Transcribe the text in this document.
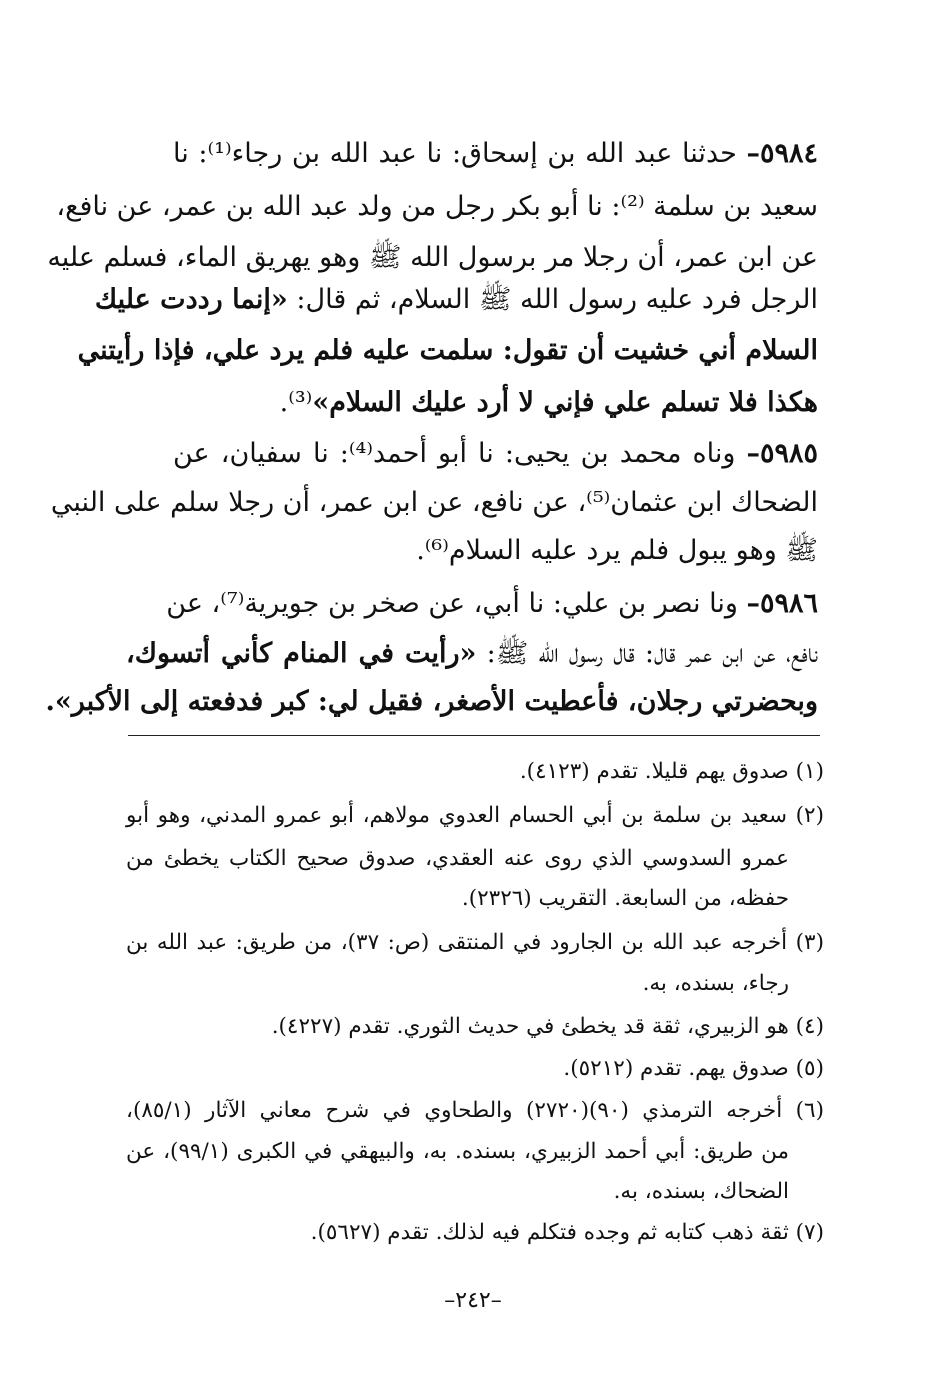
٥٩٨٤– حدثنا عبد الله بن إسحاق: نا عبد الله بن رجاء⁽¹⁾: نا
سعيد بن سلمة ⁽²⁾: نا أبو بكر رجل من ولد عبد الله بن عمر، عن نافع،
عن ابن عمر، أن رجلا مر برسول الله ﷺ وهو يهريق الماء، فسلم عليه
الرجل فرد عليه رسول الله ﷺ السلام، ثم قال: «إنما رددت عليك
السلام أني خشيت أن تقول: سلمت عليه فلم يرد علي، فإذا رأيتني
هكذا فلا تسلم علي فإني لا أرد عليك السلام»⁽³⁾.
٥٩٨٥– وناه محمد بن يحيى: نا أبو أحمد⁽⁴⁾: نا سفيان، عن
الضحاك ابن عثمان⁽⁵⁾، عن نافع، عن ابن عمر، أن رجلا سلم على النبي
ﷺ وهو يبول فلم يرد عليه السلام⁽⁶⁾.
٥٩٨٦– ونا نصر بن علي: نا أبي، عن صخر بن جويرية⁽⁷⁾، عن
نافع، عن ابن عمر قال: قال رسول الله ﷺ: «رأيت في المنام كأني أتسوك،
وبحضرتي رجلان، فأعطيت الأصغر، فقيل لي: كبر فدفعته إلى الأكبر».
(١) صدوق يهم قليلا. تقدم (٤١٢٣).
(٢) سعيد بن سلمة بن أبي الحسام العدوي مولاهم، أبو عمرو المدني، وهو أبو
عمرو السدوسي الذي روى عنه العقدي، صدوق صحيح الكتاب يخطئ من
حفظه، من السابعة. التقريب (٢٣٢٦).
(٣) أخرجه عبد الله بن الجارود في المنتقى (ص: ٣٧)، من طريق: عبد الله بن
رجاء، بسنده، به.
(٤) هو الزبيري، ثقة قد يخطئ في حديث الثوري. تقدم (٤٢٢٧).
(٥) صدوق يهم. تقدم (٥٢١٢).
(٦) أخرجه الترمذي (٩٠)(٢٧٢٠) والطحاوي في شرح معاني الآثار (٨٥/١)،
من طريق: أبي أحمد الزبيري، بسنده. به، والبيهقي في الكبرى (٩٩/١)، عن
الضحاك، بسنده، به.
(٧) ثقة ذهب كتابه ثم وجده فتكلم فيه لذلك. تقدم (٥٦٢٧).
–٢٤٢–
